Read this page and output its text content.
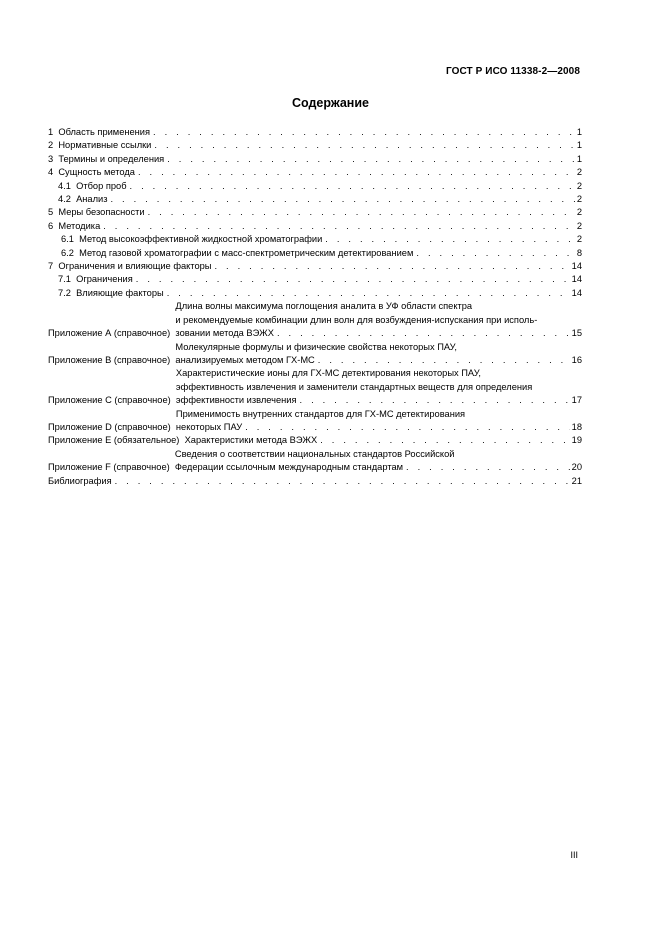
ГОСТ Р ИСО 11338-2—2008
Содержание
1 Область применения . . .	1
2 Нормативные ссылки . . .	1
3 Термины и определения . . .	1
4 Сущность метода . . .	2
4.1 Отбор проб . . .	2
4.2 Анализ . . .	2
5 Меры безопасности . . .	2
6 Методика . . .	2
6.1 Метод высокоэффективной жидкостной хроматографии . . .	2
6.2 Метод газовой хроматографии с масс-спектрометрическим детектированием . . .	8
7 Ограничения и влияющие факторы . . .	14
7.1 Ограничения . . .	14
7.2 Влияющие факторы . . .	14
Приложение А (справочное)
Длина волны максимума поглощения аналита в УФ области спектра
и рекомендуемые комбинации длин волн для возбуждения-испускания при исполь-
зовании метода ВЭЖХ . . .	15
Приложение В (справочное)
Молекулярные формулы и физические свойства некоторых ПАУ,
анализируемых методом ГХ-МС . . .	16
Приложение С (справочное)
Характеристические ионы для ГХ-МС детектирования некоторых ПАУ,
эффективность извлечения и заменители стандартных веществ для определения
эффективности извлечения . . .	17
Приложение D (справочное)
Применимость внутренних стандартов для ГХ-МС детектирования
некоторых ПАУ . . .	18
Приложение Е (обязательное) Характеристики метода ВЭЖХ . . .	19
Приложение F (справочное)
Сведения о соответствии национальных стандартов Российской
Федерации ссылочным международным стандартам . . .	20
Библиография . . .	21
III
